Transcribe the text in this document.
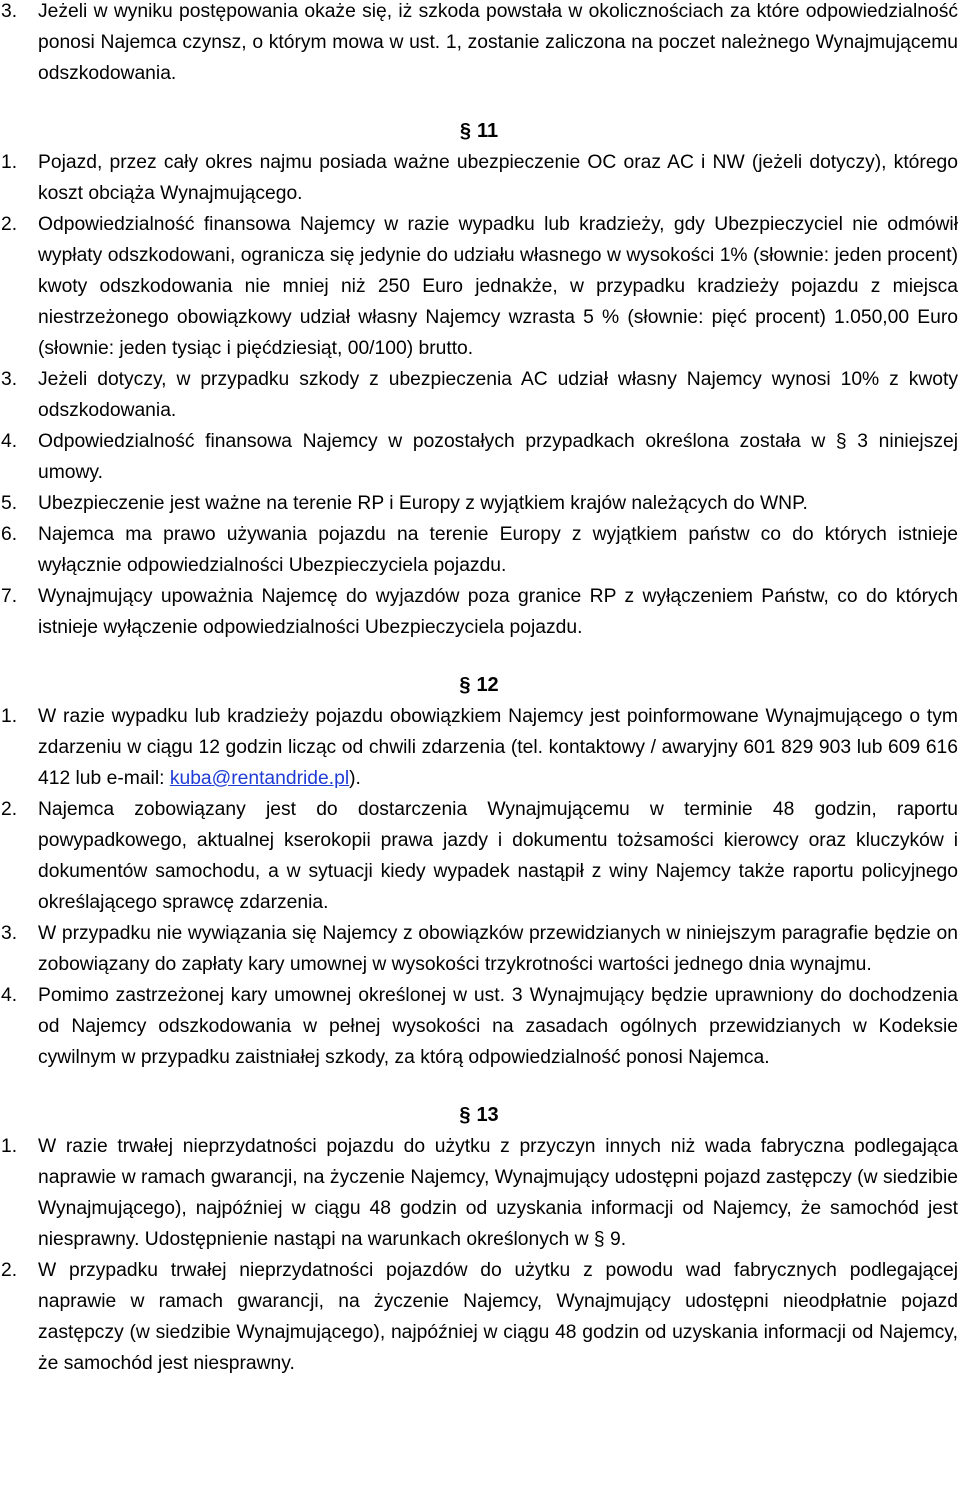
3.	Jeżeli w wyniku postępowania okaże się, iż szkoda powstała w okolicznościach za które odpowiedzialność ponosi Najemca czynsz, o którym mowa w ust. 1, zostanie zaliczona na poczet należnego Wynajmującemu odszkodowania.
§ 11
1.	Pojazd, przez cały okres najmu posiada ważne ubezpieczenie OC oraz AC i NW (jeżeli dotyczy), którego koszt obciąża Wynajmującego.
2.	Odpowiedzialność finansowa Najemcy w razie wypadku lub kradzieży, gdy Ubezpieczyciel nie odmówił wypłaty odszkodowani, ogranicza się jedynie do udziału własnego w wysokości 1% (słownie: jeden procent) kwoty odszkodowania nie mniej niż 250 Euro jednakże, w przypadku kradzieży pojazdu z miejsca niestrzeżonego obowiązkowy udział własny Najemcy wzrasta 5 % (słownie: pięć procent) 1.050,00 Euro (słownie: jeden tysiąc i pięćdziesiąt, 00/100) brutto.
3.	Jeżeli dotyczy, w przypadku szkody z ubezpieczenia AC udział własny Najemcy wynosi 10% z kwoty odszkodowania.
4.	Odpowiedzialność finansowa Najemcy w pozostałych przypadkach określona została w § 3 niniejszej umowy.
5.	Ubezpieczenie jest ważne na terenie RP i Europy z wyjątkiem krajów należących do WNP.
6.	Najemca ma prawo używania pojazdu na terenie Europy z wyjątkiem państw co do których istnieje wyłącznie odpowiedzialności Ubezpieczyciela pojazdu.
7.	Wynajmujący upoważnia Najemcę do wyjazdów poza granice RP z wyłączeniem Państw, co do których istnieje wyłączenie odpowiedzialności Ubezpieczyciela pojazdu.
§ 12
1.	W razie wypadku lub kradzieży pojazdu obowiązkiem Najemcy jest poinformowane Wynajmującego o tym zdarzeniu w ciągu 12 godzin licząc od chwili zdarzenia (tel. kontaktowy / awaryjny 601 829 903 lub 609 616 412 lub e-mail: kuba@rentandride.pl).
2.	Najemca zobowiązany jest do dostarczenia Wynajmującemu w terminie 48 godzin, raportu powypadkowego, aktualnej kserokopii prawa jazdy i dokumentu tożsamości kierowcy oraz kluczyków i dokumentów samochodu, a w sytuacji kiedy wypadek nastąpił z winy Najemcy także raportu policyjnego określającego sprawcę zdarzenia.
3.	W przypadku nie wywiązania się Najemcy z obowiązków przewidzianych w niniejszym paragrafie będzie on zobowiązany do zapłaty kary umownej w wysokości trzykrotności wartości jednego dnia wynajmu.
4.	Pomimo zastrzeżonej kary umownej określonej w ust. 3 Wynajmujący będzie uprawniony do dochodzenia od Najemcy odszkodowania w pełnej wysokości na zasadach ogólnych przewidzianych w Kodeksie cywilnym w przypadku zaistniałej szkody, za którą odpowiedzialność ponosi Najemca.
§ 13
1.	W razie trwałej nieprzydatności pojazdu do użytku z przyczyn innych niż wada fabryczna podlegająca naprawie w ramach gwarancji, na życzenie Najemcy, Wynajmujący udostępni pojazd zastępczy (w siedzibie Wynajmującego), najpóźniej w ciągu 48 godzin od uzyskania informacji od Najemcy, że samochód jest niesprawny. Udostępnienie nastąpi na warunkach określonych w § 9.
2.	W przypadku trwałej nieprzydatności pojazdów do użytku z powodu wad fabrycznych podlegającej naprawie w ramach gwarancji, na życzenie Najemcy, Wynajmujący udostępni nieodpłatnie pojazd zastępczy (w siedzibie Wynajmującego), najpóźniej w ciągu 48 godzin od uzyskania informacji od Najemcy, że samochód jest niesprawny.
